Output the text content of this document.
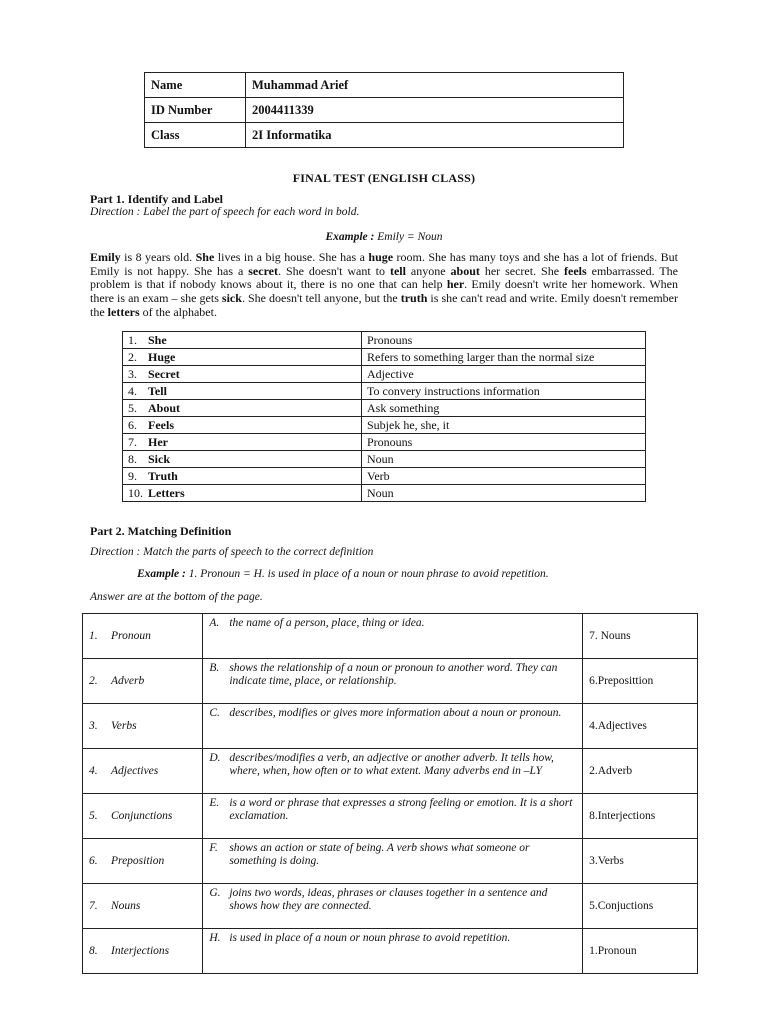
Name	Muhammad Arief
ID Number	2004411339
Class	2I Informatika
FINAL TEST (ENGLISH CLASS)
Part 1. Identify and Label
Direction : Label the part of speech for each word in bold.
Example : Emily = Noun

Emily is 8 years old. She lives in a big house. She has a huge room. She has many toys and she has a lot of friends. But Emily is not happy. She has a secret. She doesn't want to tell anyone about her secret. She feels embarrassed. The problem is that if nobody knows about it, there is no one that can help her. Emily doesn't write her homework. When there is an exam – she gets sick. She doesn't tell anyone, but the truth is she can't read and write. Emily doesn't remember the letters of the alphabet.

1. She	Pronouns
2. Huge	Refers to something larger than the normal size
3. Secret	Adjective
4. Tell	To convery instructions information
5. About	Ask something
6. Feels	Subjek he, she, it
7. Her	Pronouns
8. Sick	Noun
9. Truth	Verb
10. Letters	Noun
Part 2. Matching Definition
Direction : Match the parts of speech to the correct definition
Example : 1. Pronoun = H. is used in place of a noun or noun phrase to avoid repetition.
Answer are at the bottom of the page.
1. Pronoun	A. the name of a person, place, thing or idea.	7. Nouns
2. Adverb	B. shows the relationship of a noun or pronoun to another word. They can indicate time, place, or relationship.	6.Preposittion
3. Verbs	C. describes, modifies or gives more information about a noun or pronoun.	4.Adjectives
4. Adjectives	D. describes/modifies a verb, an adjective or another adverb. It tells how, where, when, how often or to what extent. Many adverbs end in –LY	2.Adverb
5. Conjunctions	E. is a word or phrase that expresses a strong feeling or emotion. It is a short exclamation.	8.Interjections
6. Preposition	F. shows an action or state of being. A verb shows what someone or something is doing.	3.Verbs
7. Nouns	G. joins two words, ideas, phrases or clauses together in a sentence and shows how they are connected.	5.Conjuctions
8. Interjections	H. is used in place of a noun or noun phrase to avoid repetition.	1.Pronoun
